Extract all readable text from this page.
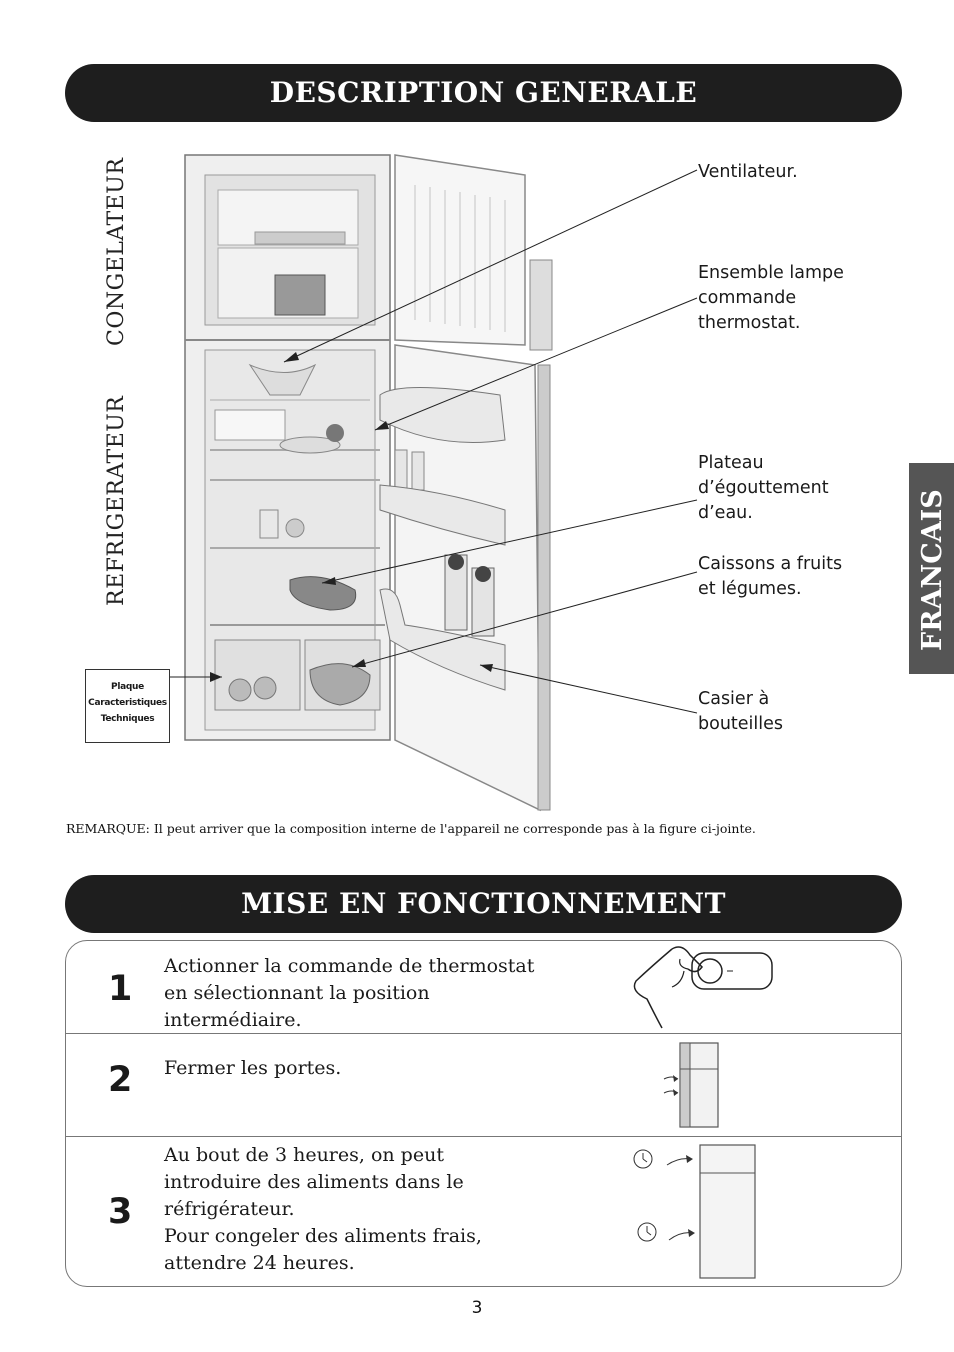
DESCRIPTION GENERALE
CONGELATEUR
REFRIGERATEUR	FRANCAIS
Ventilateur.
Ensemble lampe
commande
thermostat.
Plateau
d’égouttement
d’eau.
Caissons a fruits
et légumes.
Casier à
bouteilles
Plaque
Caracteristiques
Techniques
REMARQUE: Il peut arriver que la composition interne de l'appareil ne corresponde pas à la figure ci-jointe.
MISE EN FONCTIONNEMENT
1
Actionner la commande de thermostat
en sélectionnant la position
intermédiaire.
2 Fermer les portes.
3
Au bout de 3 heures, on peut
introduire des aliments dans le
réfrigérateur.
Pour congeler des aliments frais,
attendre 24 heures.
3
